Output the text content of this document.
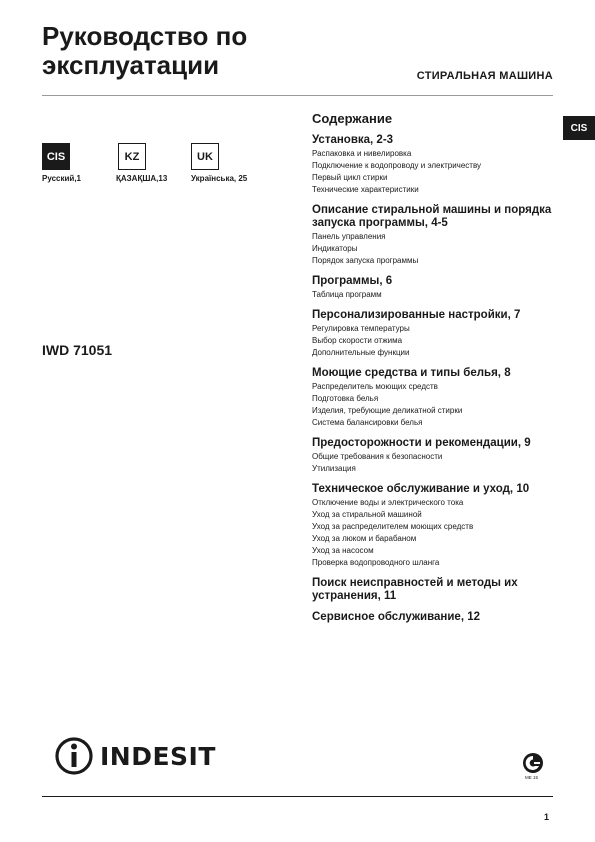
Руководство по
эксплуатации	СТИРАЛЬНАЯ МАШИНА
CIS
CIS	KZ	UK
Русский,1	ҚАЗАҚША,13	Українська, 25
IWD 71051
Содержание
Установка, 2-3
Распаковка и нивелировка
Подключение к водопроводу и электричеству
Первый цикл стирки
Технические характеристики
Описание стиральной машины и порядка запуска программы, 4-5
Панель управления
Индикаторы
Порядок запуска программы
Программы, 6
Таблица программ
Персонализированные настройки, 7
Регулировка температуры
Выбор скорости отжима
Дополнительные функции
Моющие средства и типы белья, 8
Распределитель моющих средств
Подготовка белья
Изделия, требующие деликатной стирки
Система балансировки белья
Предосторожности и рекомендации, 9
Общие требования к безопасности
Утилизация
Техническое обслуживание и уход, 10
Отключение воды и электрического тока
Уход за стиральной машиной
Уход за распределителем моющих средств
Уход за люком и барабаном
Уход за насосом
Проверка водопроводного шланга
Поиск неисправностей и методы их устранения, 11
Сервисное обслуживание, 12
INDESIT
ME 15
1
